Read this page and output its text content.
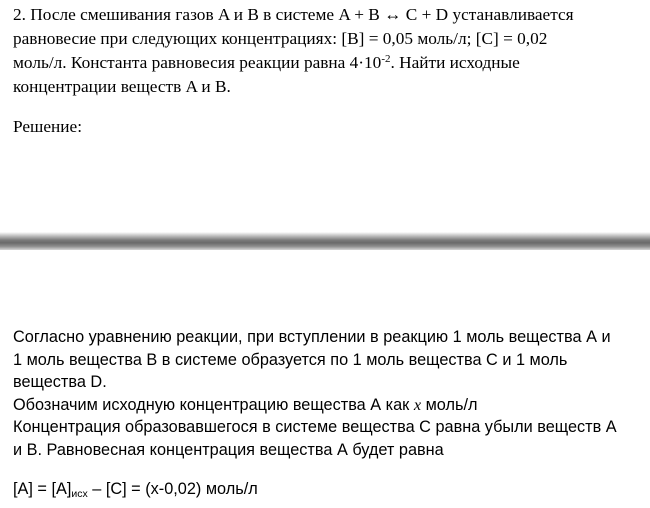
2. После смешивания газов A и B в системе A + B ↔ C + D устанавливается
равновесие при следующих концентрациях: [B] = 0,05 моль/л; [C] = 0,02
моль/л. Константа равновесия реакции равна $4\cdot 10^{-2}$. Найти исходные
концентрации веществ A и B.
Решение:
Согласно уравнению реакции, при вступлении в реакцию 1 моль вещества А и
1 моль вещества В в системе образуется по 1 моль вещества С и 1 моль
вещества D.
Обозначим исходную концентрацию вещества А как x моль/л
Концентрация образовавшегося в системе вещества С равна убыли веществ А
и В. Равновесная концентрация вещества А будет равна
$[A] = [A]_{исх} - [C] = (x-0,02)$ моль/л
